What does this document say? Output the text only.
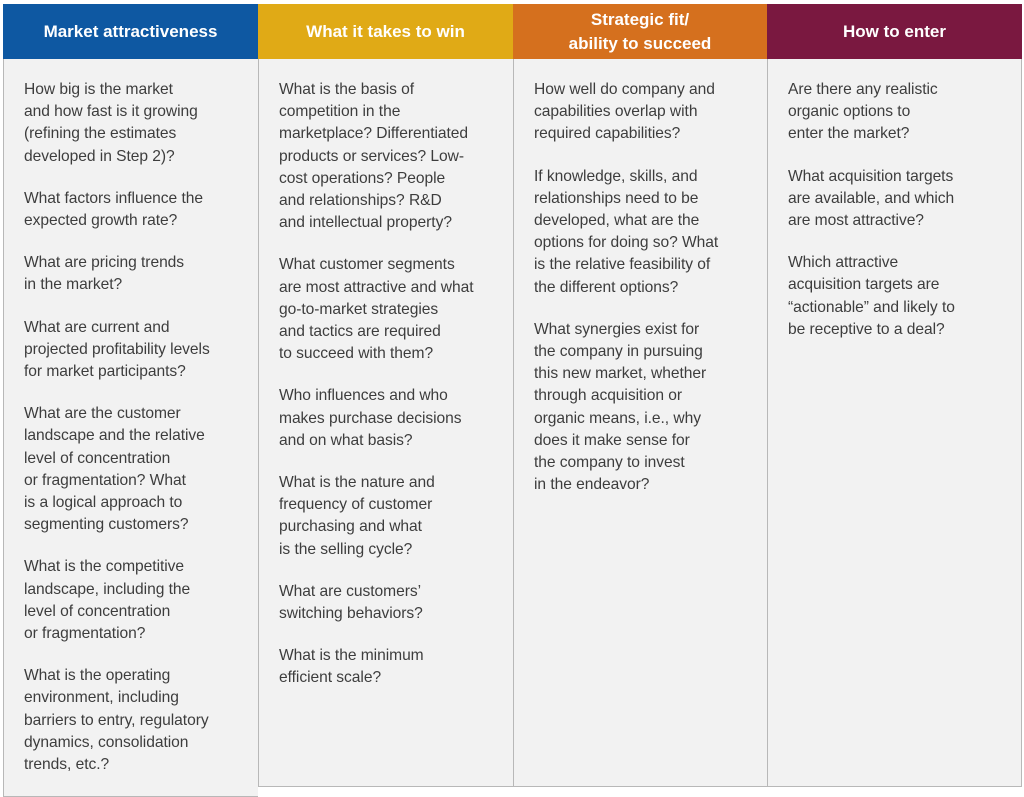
Market attractiveness

How big is the market
and how fast is it growing
(refining the estimates
developed in Step 2)?

What factors influence the
expected growth rate?

What are pricing trends
in the market?

What are current and
projected profitability levels
for market participants?

What are the customer
landscape and the relative
level of concentration
or fragmentation? What
is a logical approach to
segmenting customers?

What is the competitive
landscape, including the
level of concentration
or fragmentation?

What is the operating
environment, including
barriers to entry, regulatory
dynamics, consolidation
trends, etc.?

What it takes to win

What is the basis of
competition in the
marketplace? Differentiated
products or services? Low-
cost operations? People
and relationships? R&D
and intellectual property?

What customer segments
are most attractive and what
go-to-market strategies
and tactics are required
to succeed with them?

Who influences and who
makes purchase decisions
and on what basis?

What is the nature and
frequency of customer
purchasing and what
is the selling cycle?

What are customers’
switching behaviors?

What is the minimum
efficient scale?

Strategic fit/
ability to succeed

How well do company and
capabilities overlap with
required capabilities?

If knowledge, skills, and
relationships need to be
developed, what are the
options for doing so? What
is the relative feasibility of
the different options?

What synergies exist for
the company in pursuing
this new market, whether
through acquisition or
organic means, i.e., why
does it make sense for
the company to invest
in the endeavor?

How to enter

Are there any realistic
organic options to
enter the market?

What acquisition targets
are available, and which
are most attractive?

Which attractive
acquisition targets are
“actionable” and likely to
be receptive to a deal?
